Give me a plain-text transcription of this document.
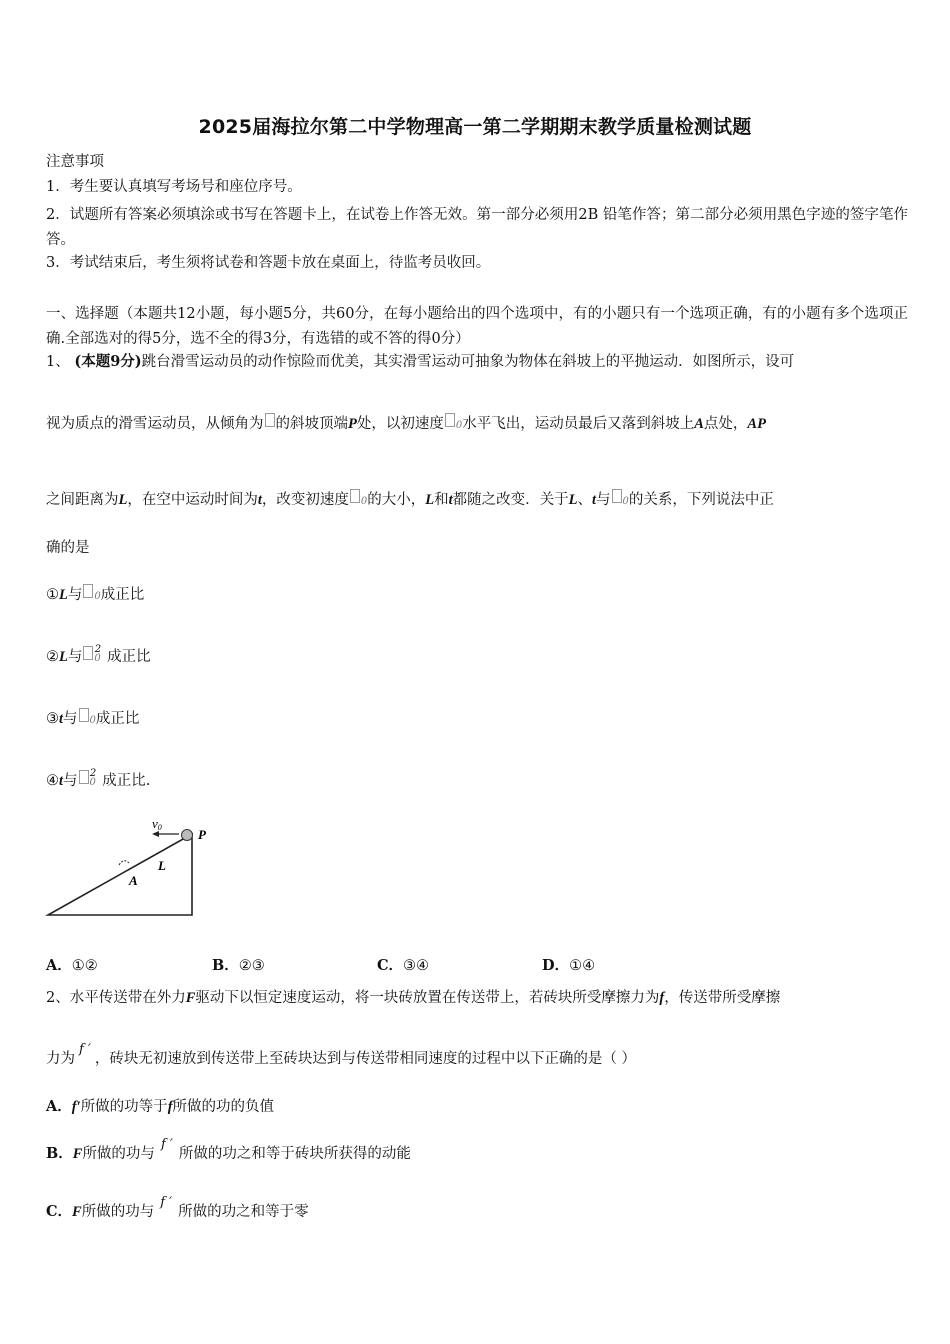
2025届海拉尔第二中学物理高一第二学期期末教学质量检测试题
注意事项
1．考生要认真填写考场号和座位序号。
2．试题所有答案必须填涂或书写在答题卡上，在试卷上作答无效。第一部分必须用2B 铅笔作答；第二部分必须用黑色字迹的签字笔作答。
3．考试结束后，考生须将试卷和答题卡放在桌面上，待监考员收回。
一、选择题（本题共12小题，每小题5分，共60分，在每小题给出的四个选项中，有的小题只有一个选项正确，有的小题有多个选项正确.全部选对的得5分，选不全的得3分，有选错的或不答的得0分）
1、 (本题9分)跳台滑雪运动员的动作惊险而优美，其实滑雪运动可抽象为物体在斜坡上的平抛运动．如图所示，设可
视为质点的滑雪运动员，从倾角为 的斜坡顶端P处，以初速度 0水平飞出，运动员最后又落到斜坡上A点处，AP
之间距离为L，在空中运动时间为t，改变初速度 0的大小，L和t都随之改变．关于L、t与 0的关系，下列说法中正
确的是
①L与 0成正比
②L与 $0^2$ 成正比
③t与 0成正比
④t与 $0^2$ 成正比.
v0	P
L
A
A．①②	B．②③	C．③④	D．①④
2、水平传送带在外力F驱动下以恒定速度运动，将一块砖放置在传送带上，若砖块所受摩擦力为f，传送带所受摩擦
力为f ′，砖块无初速放到传送带上至砖块达到与传送带相同速度的过程中以下正确的是（ ）
A．f′所做的功等于f所做的功的负值
B．F所做的功与f ′所做的功之和等于砖块所获得的动能
C．F所做的功与f ′所做的功之和等于零
